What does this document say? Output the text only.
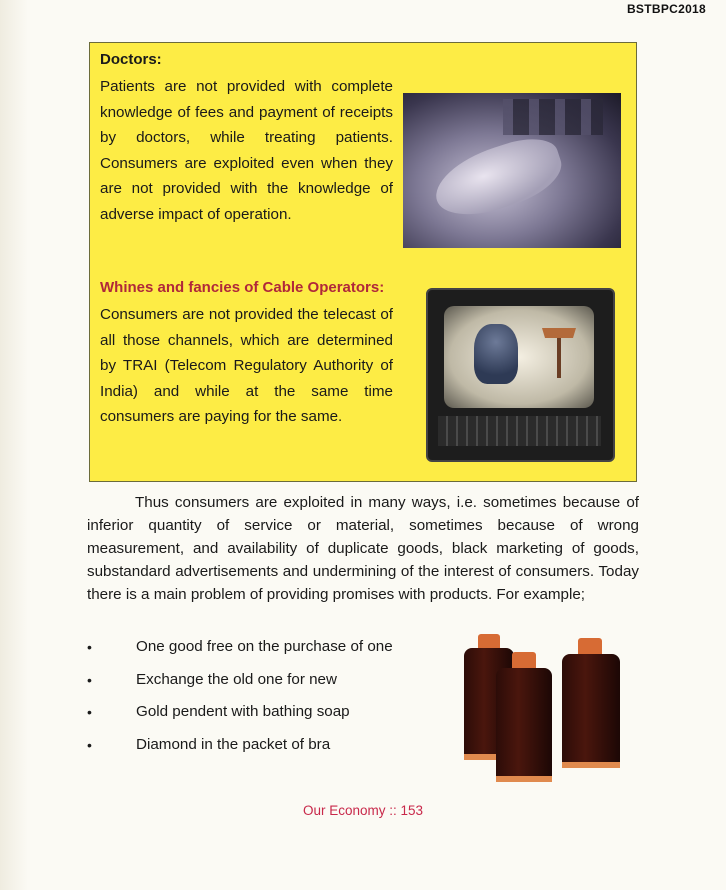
BSTBPC2018
Doctors:
Patients are not provided with complete knowledge of fees and payment of receipts by doctors, while treating patients. Consumers are exploited even when they are not provided with the knowledge of adverse impact of operation.
Whines and fancies of Cable Operators:
Consumers are not provided the telecast of all those channels, which are determined by TRAI (Telecom Regulatory Authority of India) and while at the same time consumers are paying for the same.

Thus consumers are exploited in many ways, i.e. sometimes because of inferior quantity of service or material, sometimes because of wrong measurement, and availability of duplicate goods, black marketing of goods, substandard advertisements and undermining of the interest of consumers. Today there is a main problem of providing promises with products. For example;

•	One good free on the purchase of one
•	Exchange the old one for new
•	Gold pendent with bathing soap
•	Diamond in the packet of bra
Our Economy :: 153
